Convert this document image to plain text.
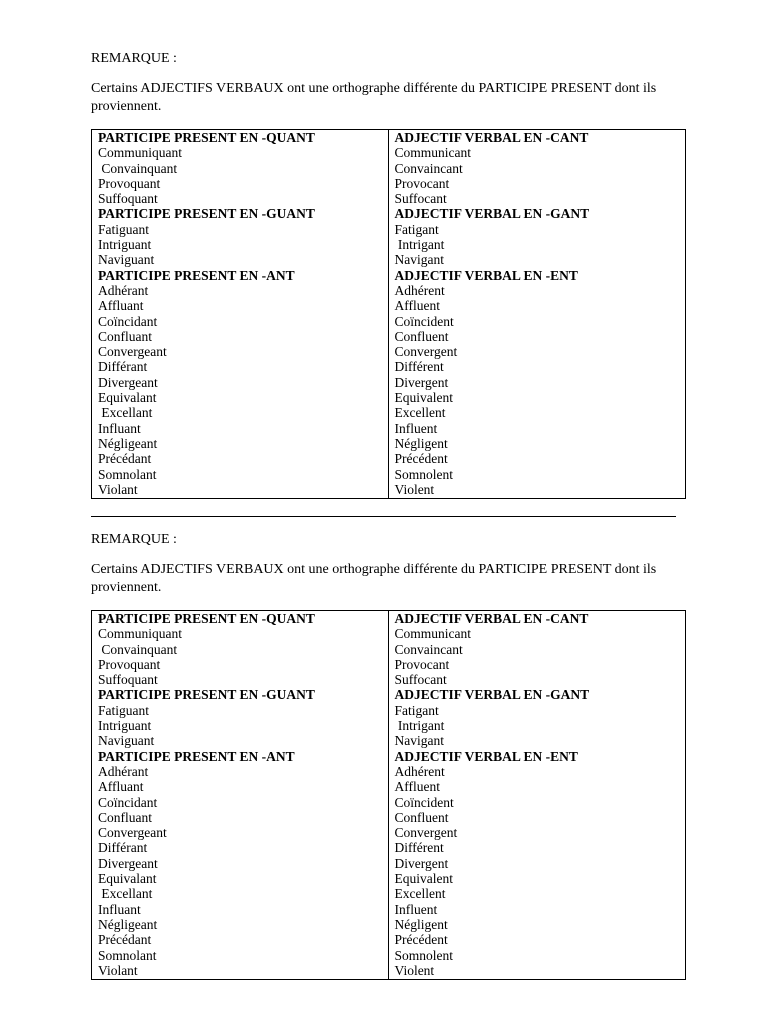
REMARQUE :
Certains ADJECTIFS VERBAUX ont une orthographe différente du PARTICIPE PRESENT dont ils proviennent.
PARTICIPE PRESENT EN -QUANT
Communiquant
Convainquant
Provoquant
Suffoquant
PARTICIPE PRESENT EN -GUANT
Fatiguant
Intriguant
Naviguant
PARTICIPE PRESENT EN -ANT
Adhérant
Affluant
Coïncidant
Confluant
Convergeant
Différant
Divergeant
Equivalant
Excellant
Influant
Négligeant
Précédant
Somnolant
Violant
ADJECTIF VERBAL EN -CANT
Communicant
Convaincant
Provocant
Suffocant
ADJECTIF VERBAL EN -GANT
Fatigant
Intrigant
Navigant
ADJECTIF VERBAL EN -ENT
Adhérent
Affluent
Coïncident
Confluent
Convergent
Différent
Divergent
Equivalent
Excellent
Influent
Négligent
Précédent
Somnolent
Violent
REMARQUE :
Certains ADJECTIFS VERBAUX ont une orthographe différente du PARTICIPE PRESENT dont ils proviennent.
PARTICIPE PRESENT EN -QUANT
Communiquant
Convainquant
Provoquant
Suffoquant
PARTICIPE PRESENT EN -GUANT
Fatiguant
Intriguant
Naviguant
PARTICIPE PRESENT EN -ANT
Adhérant
Affluant
Coïncidant
Confluant
Convergeant
Différant
Divergeant
Equivalant
Excellant
Influant
Négligeant
Précédant
Somnolant
Violant
ADJECTIF VERBAL EN -CANT
Communicant
Convaincant
Provocant
Suffocant
ADJECTIF VERBAL EN -GANT
Fatigant
Intrigant
Navigant
ADJECTIF VERBAL EN -ENT
Adhérent
Affluent
Coïncident
Confluent
Convergent
Différent
Divergent
Equivalent
Excellent
Influent
Négligent
Précédent
Somnolent
Violent
